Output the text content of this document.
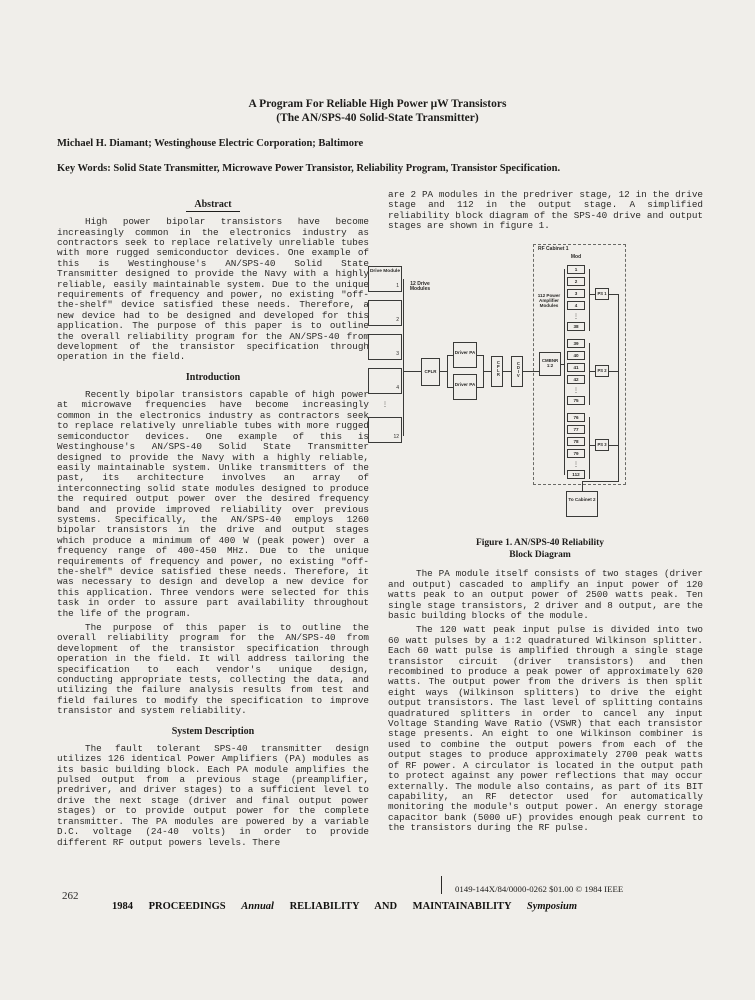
A Program For Reliable High Power μW Transistors
(The AN/SPS-40 Solid-State Transmitter)
Michael H. Diamant; Westinghouse Electric Corporation; Baltimore
Key Words: Solid State Transmitter, Microwave Power Transistor, Reliability Program, Transistor Specification.
Abstract

High power bipolar transistors have become increasingly common in the electronics industry as contractors seek to replace relatively unreliable tubes with more rugged semiconductor devices. One example of this is Westinghouse's AN/SPS-40 Solid State Transmitter designed to provide the Navy with a highly reliable, easily maintainable system. Due to the unique requirements of frequency and power, no existing "off-the-shelf" device satisfied these needs. Therefore, a new device had to be designed and developed for this application. The purpose of this paper is to outline the overall reliability program for the AN/SPS-40 from development of the transistor specification through operation in the field.

Introduction

Recently bipolar transistors capable of high power at microwave frequencies have become increasingly common in the electronics industry as contractors seek to replace relatively unreliable tubes with more rugged semiconductor devices. One example of this is Westinghouse's AN/SPS-40 Solid State Transmitter designed to provide the Navy with a highly reliable, easily maintainable system. Unlike transmitters of the past, its architecture involves an array of interconnecting solid state modules designed to produce the required output power over the desired frequency band and provide improved reliability over previous systems. Specifically, the AN/SPS-40 employs 1260 bipolar transistors in the drive and output stages which produce a minimum of 400 W (peak power) over a frequency range of 400-450 MHz. Due to the unique requirements of frequency and power, no existing "off-the-shelf" device satisfied these needs. Therefore, it was necessary to design and develop a new device for this application. Three vendors were selected for this task in order to assure part availability throughout the life of the program.

The purpose of this paper is to outline the overall reliability program for the AN/SPS-40 from development of the transistor specification through operation in the field. It will address tailoring the specification to each vendor's unique design, conducting appropriate tests, collecting the data, and utilizing the failure analysis results from test and field failures to modify the specification to improve transistor and system reliability.

System Description

The fault tolerant SPS-40 transmitter design utilizes 126 identical Power Amplifiers (PA) modules as its basic building block. Each PA module amplifies the pulsed output from a previous stage (preamplifier, predriver, and driver stages) to a sufficient level to drive the next stage (driver and final output power stages) or to provide output power for the complete transmitter. The PA modules are powered by a variable D.C. voltage (24-40 volts) in order to provide different RF output powers levels. There

are 2 PA modules in the predriver stage, 12 in the drive stage and 112 in the output stage. A simplified reliability block diagram of the SPS-40 drive and output stages are shown in figure 1.

Drive Module
1
2
3
4
⋮
12
12 Drive Modules
CPLR
Driver PA
Driver PA
CPLR	CDIV
RF Cabinet 1
Mod
112 Power Amplifier Modules
1
2
3
4
⋮
38
39
40
41
42
⋮
75
76
77
78
79
⋮
112
CMBNR
1:2
PS 1
PS 2
PS 3
To Cabinet 2
Figure 1. AN/SPS-40 Reliability
Block Diagram

The PA module itself consists of two stages (driver and output) cascaded to amplify an input power of 120 watts peak to an output power of 2500 watts peak. Ten single stage transistors, 2 driver and 8 output, are the basic building blocks of the module.

The 120 watt peak input pulse is divided into two 60 watt pulses by a 1:2 quadratured Wilkinson splitter. Each 60 watt pulse is amplified through a single stage transistor circuit (driver transistors) and then recombined to produce a peak power of approximately 620 watts. The output power from the drivers is then split eight ways (Wilkinson splitters) to drive the eight output transistors. The last level of splitting contains quadratured splitters in order to cancel any input Voltage Standing Wave Ratio (VSWR) that each transistor stage presents. An eight to one Wilkinson combiner is used to combine the output powers from each of the output stages to produce approximately 2700 peak watts of RF power. A circulator is located in the output path to protect against any power reflections that may occur externally. The module also contains, as part of its BIT capability, an RF detector used for automatically monitoring the module's output power. An energy storage capacitor bank (5000 uF) provides enough peak current to the transistors during the RF pulse.

262
0149-144X/84/0000-0262 $01.00 © 1984 IEEE
1984 PROCEEDINGS Annual RELIABILITY AND MAINTAINABILITY Symposium
